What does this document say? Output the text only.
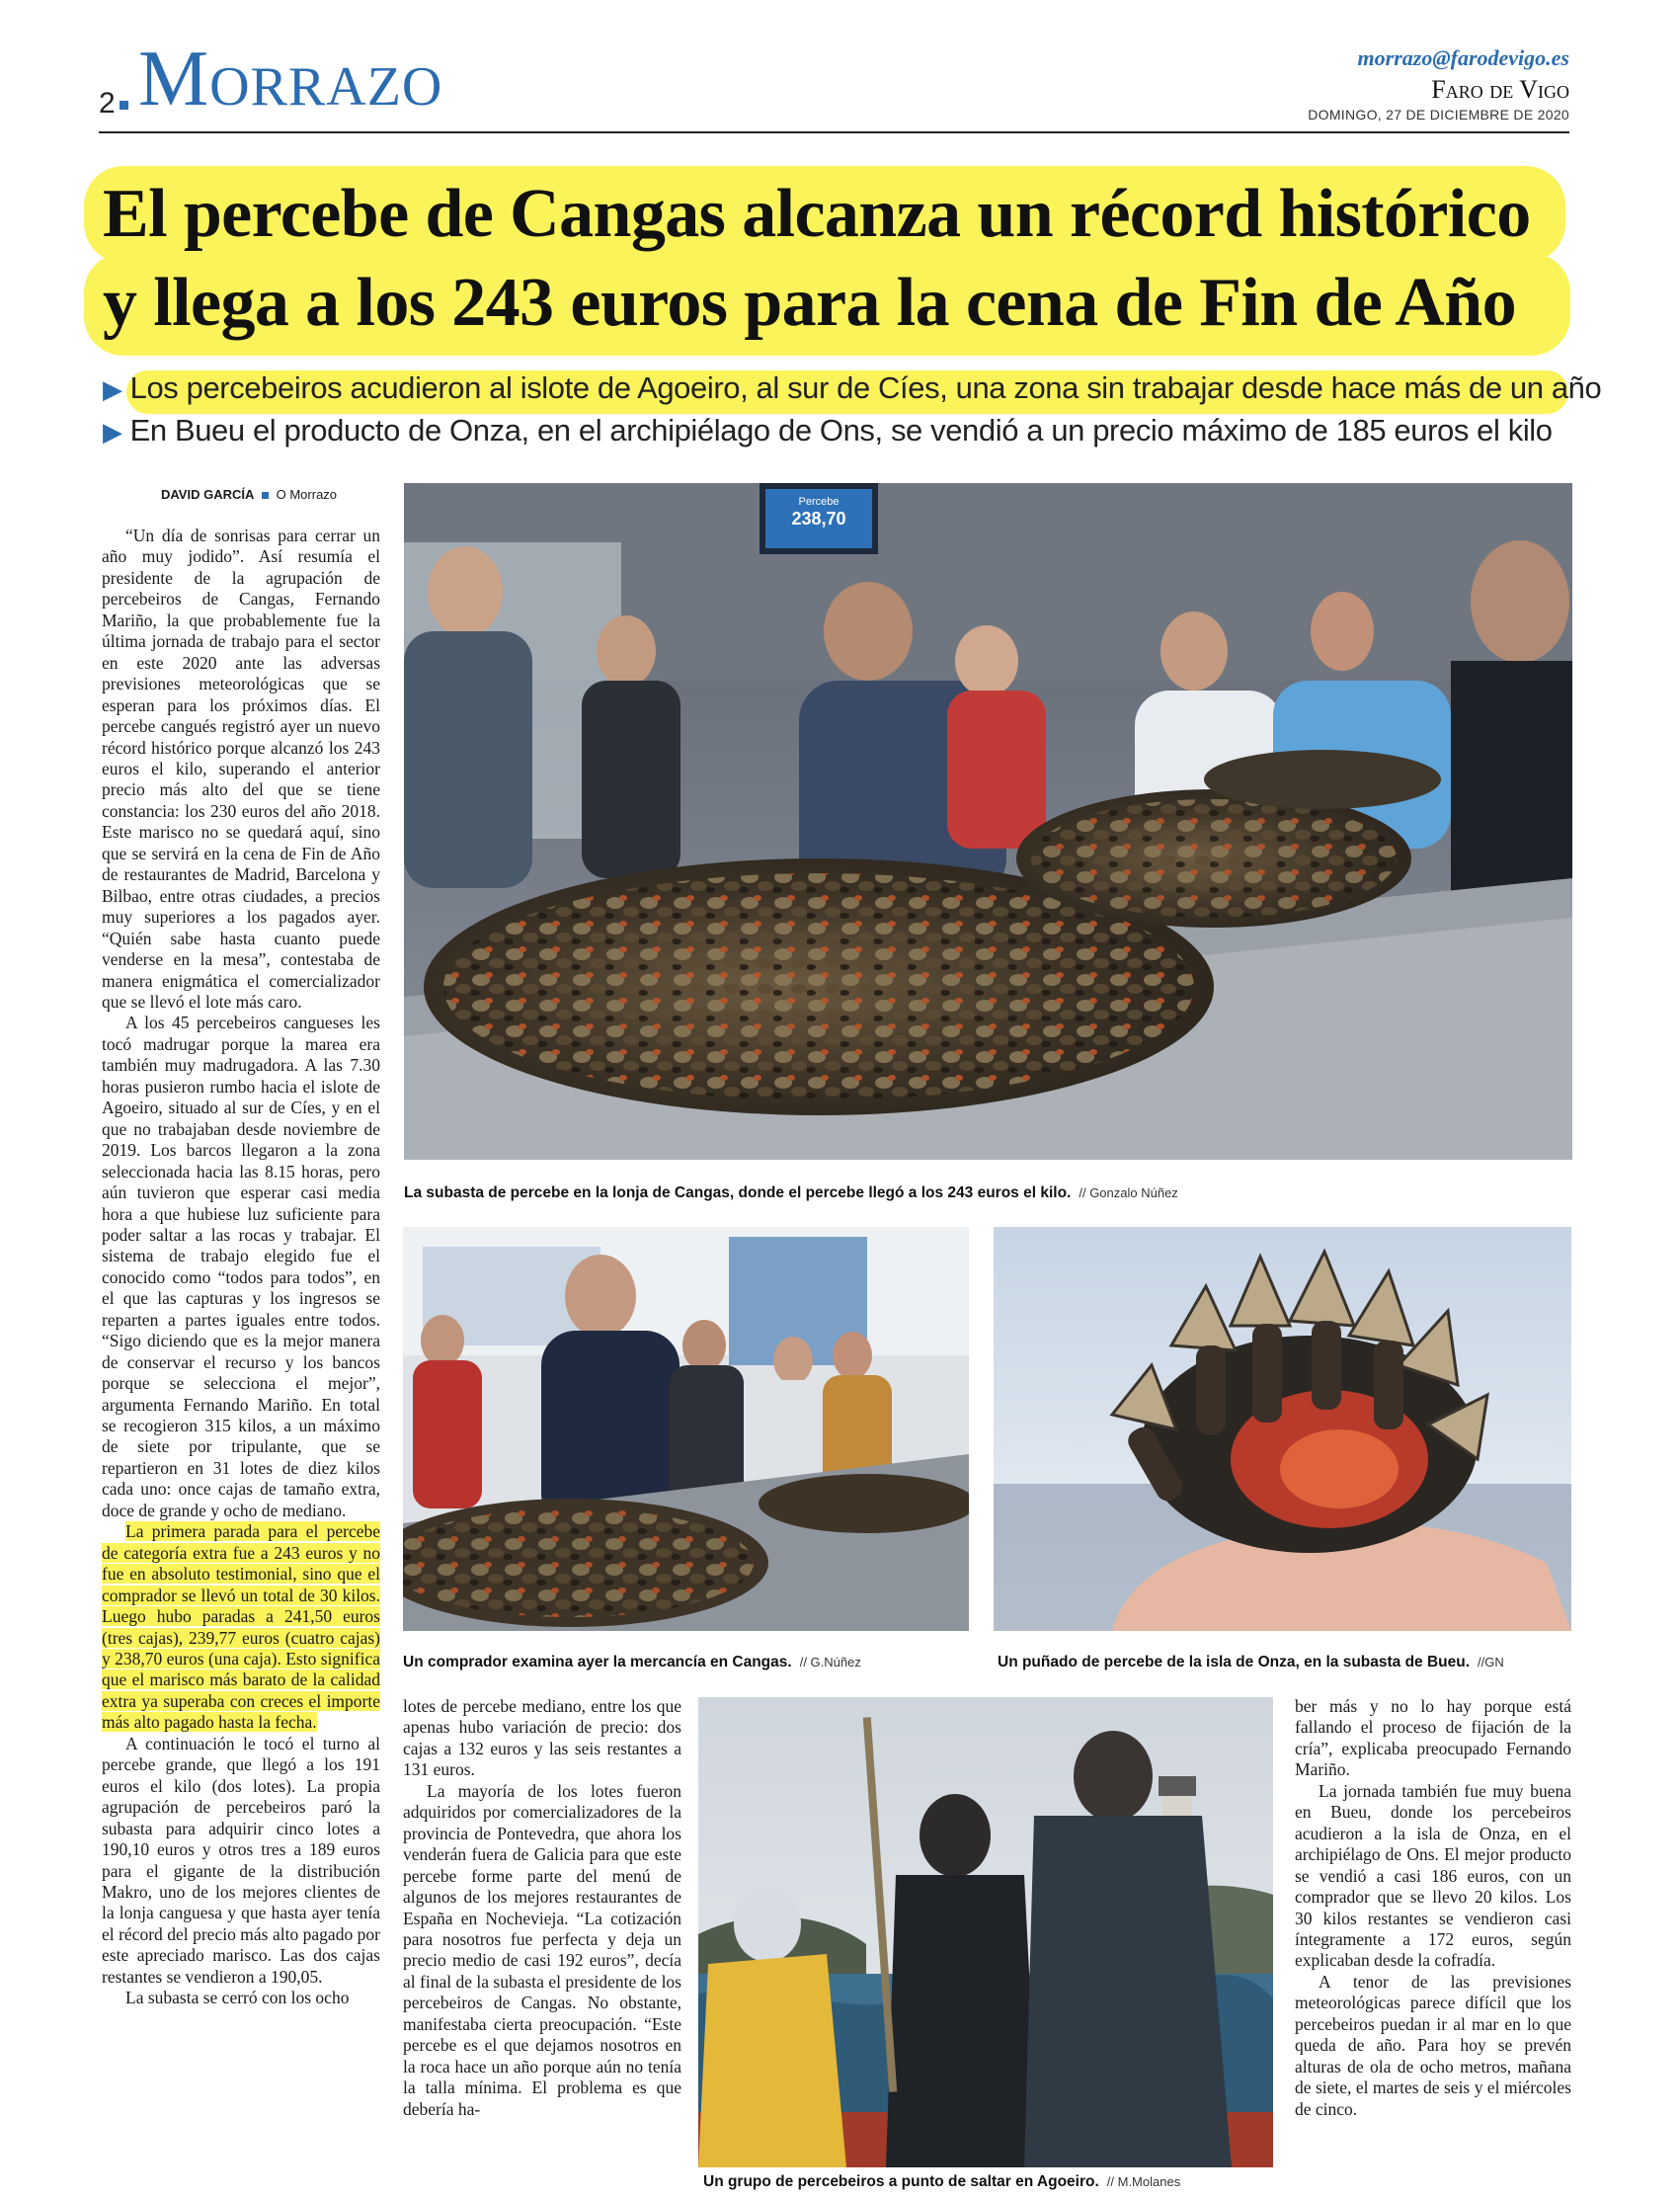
2 Morrazo	morrazo@farodevigo.es
Faro de Vigo
DOMINGO, 27 DE DICIEMBRE DE 2020
El percebe de Cangas alcanza un récord histórico
y llega a los 243 euros para la cena de Fin de Año
▶ Los percebeiros acudieron al islote de Agoeiro, al sur de Cíes, una zona sin trabajar desde hace más de un año
▶ En Bueu el producto de Onza, en el archipiélago de Ons, se vendió a un precio máximo de 185 euros el kilo
DAVID GARCÍA O Morrazo

“Un día de sonrisas para cerrar un año muy jodido”. Así resumía el presidente de la agrupación de percebeiros de Cangas, Fernando Mariño, la que probablemente fue la última jornada de trabajo para el sector en este 2020 ante las adversas previsiones meteorológicas que se esperan para los próximos días. El percebe cangués registró ayer un nuevo récord histórico porque alcanzó los 243 euros el kilo, superando el anterior precio más alto del que se tiene constancia: los 230 euros del año 2018. Este marisco no se quedará aquí, sino que se servirá en la cena de Fin de Año de restaurantes de Madrid, Barcelona y Bilbao, entre otras ciudades, a precios muy superiores a los pagados ayer. “Quién sabe hasta cuanto puede venderse en la mesa”, contestaba de manera enigmática el comercializador que se llevó el lote más caro.

A los 45 percebeiros cangueses les tocó madrugar porque la marea era también muy madrugadora. A las 7.30 horas pusieron rumbo hacia el islote de Agoeiro, situado al sur de Cíes, y en el que no trabajaban desde noviembre de 2019. Los barcos llegaron a la zona seleccionada hacia las 8.15 horas, pero aún tuvieron que esperar casi media hora a que hubiese luz suficiente para poder saltar a las rocas y trabajar. El sistema de trabajo elegido fue el conocido como “todos para todos”, en el que las capturas y los ingresos se reparten a partes iguales entre todos. “Sigo diciendo que es la mejor manera de conservar el recurso y los bancos porque se selecciona el mejor”, argumenta Fernando Mariño. En total se recogieron 315 kilos, a un máximo de siete por tripulante, que se repartieron en 31 lotes de diez kilos cada uno: once cajas de tamaño extra, doce de grande y ocho de mediano.

La primera parada para el percebe de categoría extra fue a 243 euros y no fue en absoluto testimonial, sino que el comprador se llevó un total de 30 kilos. Luego hubo paradas a 241,50 euros (tres cajas), 239,77 euros (cuatro cajas) y 238,70 euros (una caja). Esto significa que el marisco más barato de la calidad extra ya superaba con creces el importe más alto pagado hasta la fecha.

A continuación le tocó el turno al percebe grande, que llegó a los 191 euros el kilo (dos lotes). La propia agrupación de percebeiros paró la subasta para adquirir cinco lotes a 190,10 euros y otros tres a 189 euros para el gigante de la distribución Makro, uno de los mejores clientes de la lonja canguesa y que hasta ayer tenía el récord del precio más alto pagado por este apreciado marisco. Las dos cajas restantes se vendieron a 190,05.

La subasta se cerró con los ocho

Percebe
238,70
La subasta de percebe en la lonja de Cangas, donde el percebe llegó a los 243 euros el kilo. // Gonzalo Núñez
Un comprador examina ayer la mercancía en Cangas. // G.Núñez	Un puñado de percebe de la isla de Onza, en la subasta de Bueu. //GN

lotes de percebe mediano, entre los que apenas hubo variación de precio: dos cajas a 132 euros y las seis restantes a 131 euros.

La mayoría de los lotes fueron adquiridos por comercializadores de la provincia de Pontevedra, que ahora los venderán fuera de Galicia para que este percebe forme parte del menú de algunos de los mejores restaurantes de España en Nochevieja. “La cotización para nosotros fue perfecta y deja un precio medio de casi 192 euros”, decía al final de la subasta el presidente de los percebeiros de Cangas. No obstante, manifestaba cierta preocupación. “Este percebe es el que dejamos nosotros en la roca hace un año porque aún no tenía la talla mínima. El problema es que debería ha-

Un grupo de percebeiros a punto de saltar en Agoeiro. // M.Molanes

ber más y no lo hay porque está fallando el proceso de fijación de la cría”, explicaba preocupado Fernando Mariño.

La jornada también fue muy buena en Bueu, donde los percebeiros acudieron a la isla de Onza, en el archipiélago de Ons. El mejor producto se vendió a casi 186 euros, con un comprador que se llevo 20 kilos. Los 30 kilos restantes se vendieron casi íntegramente a 172 euros, según explicaban desde la cofradía.

A tenor de las previsiones meteorológicas parece difícil que los percebeiros puedan ir al mar en lo que queda de año. Para hoy se prevén alturas de ola de ocho metros, mañana de siete, el martes de seis y el miércoles de cinco.
